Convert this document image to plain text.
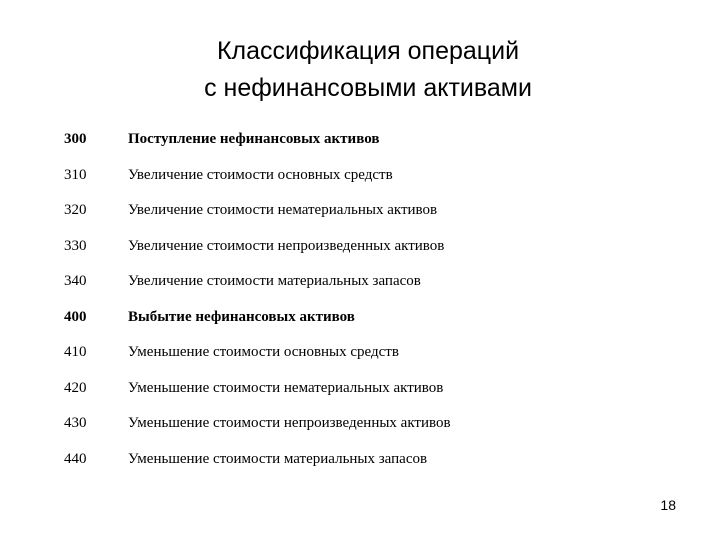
Классификация операций
с нефинансовыми активами
300	Поступление нефинансовых активов
310	Увеличение стоимости основных средств
320	Увеличение стоимости нематериальных активов
330	Увеличение стоимости непроизведенных активов
340	Увеличение стоимости материальных запасов
400	Выбытие нефинансовых активов
410	Уменьшение стоимости основных средств
420	Уменьшение стоимости нематериальных активов
430	Уменьшение стоимости непроизведенных активов
440	Уменьшение стоимости материальных запасов
18
